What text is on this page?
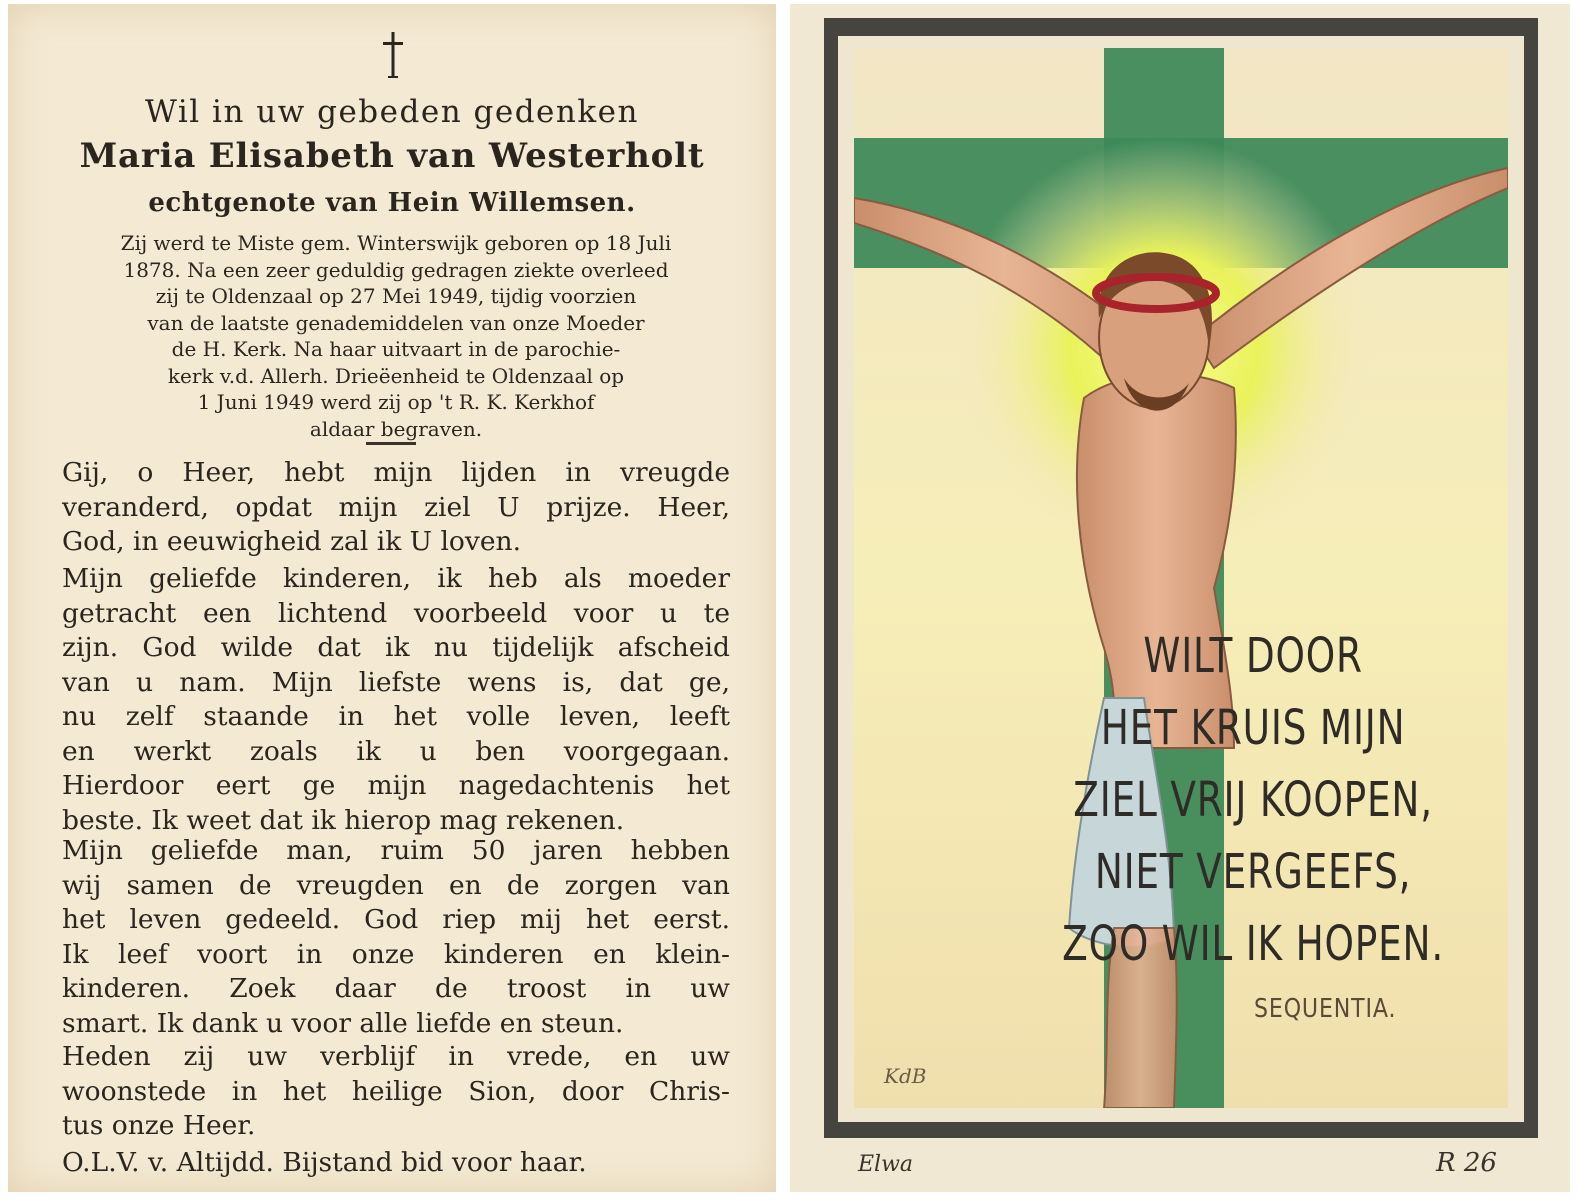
Wil in uw gebeden gedenken
Maria Elisabeth van Westerholt
echtgenote van Hein Willemsen.
Zij werd te Miste gem. Winterswijk geboren op 18 Juli
1878. Na een zeer geduldig gedragen ziekte overleed
zij te Oldenzaal op 27 Mei 1949, tijdig voorzien
van de laatste genademiddelen van onze Moeder
de H. Kerk. Na haar uitvaart in de parochie-
kerk v.d. Allerh. Drieëenheid te Oldenzaal op
1 Juni 1949 werd zij op 't R. K. Kerkhof
aldaar begraven.
Gij, o Heer, hebt mijn lijden in vreugde
veranderd, opdat mijn ziel U prijze. Heer,
God, in eeuwigheid zal ik U loven.
Mijn geliefde kinderen, ik heb als moeder
getracht een lichtend voorbeeld voor u te
zijn. God wilde dat ik nu tijdelijk afscheid
van u nam. Mijn liefste wens is, dat ge,
nu zelf staande in het volle leven, leeft
en werkt zoals ik u ben voorgegaan.
Hierdoor eert ge mijn nagedachtenis het
beste. Ik weet dat ik hierop mag rekenen.
Mijn geliefde man, ruim 50 jaren hebben
wij samen de vreugden en de zorgen van
het leven gedeeld. God riep mij het eerst.
Ik leef voort in onze kinderen en klein-
kinderen. Zoek daar de troost in uw
smart. Ik dank u voor alle liefde en steun.
Heden zij uw verblijf in vrede, en uw
woonstede in het heilige Sion, door Chris-
tus onze Heer.
O.L.V. v. Altijdd. Bijstand bid voor haar.
KdB
Elwa	R 26
WILT DOOR
HET KRUIS MIJN
ZIEL VRIJ KOOPEN,
NIET VERGEEFS,
ZOO WIL IK HOPEN.
SEQUENTIA.
